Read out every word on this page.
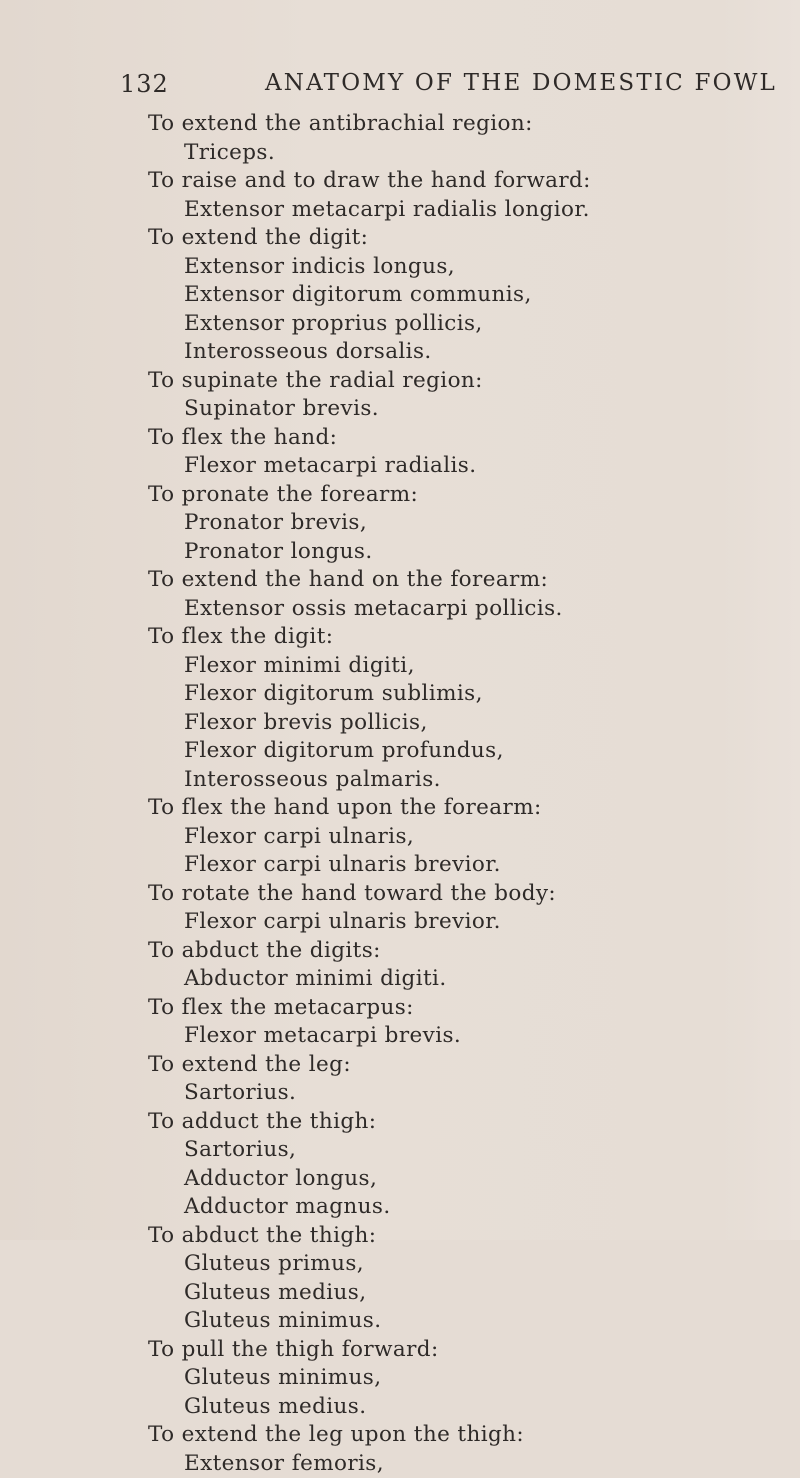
132	ANATOMY OF THE DOMESTIC FOWL
To extend the antibrachial region:
Triceps.
To raise and to draw the hand forward:
Extensor metacarpi radialis longior.
To extend the digit:
Extensor indicis longus,
Extensor digitorum communis,
Extensor proprius pollicis,
Interosseous dorsalis.
To supinate the radial region:
Supinator brevis.
To flex the hand:
Flexor metacarpi radialis.
To pronate the forearm:
Pronator brevis,
Pronator longus.
To extend the hand on the forearm:
Extensor ossis metacarpi pollicis.
To flex the digit:
Flexor minimi digiti,
Flexor digitorum sublimis,
Flexor brevis pollicis,
Flexor digitorum profundus,
Interosseous palmaris.
To flex the hand upon the forearm:
Flexor carpi ulnaris,
Flexor carpi ulnaris brevior.
To rotate the hand toward the body:
Flexor carpi ulnaris brevior.
To abduct the digits:
Abductor minimi digiti.
To flex the metacarpus:
Flexor metacarpi brevis.
To extend the leg:
Sartorius.
To adduct the thigh:
Sartorius,
Adductor longus,
Adductor magnus.
To abduct the thigh:
Gluteus primus,
Gluteus medius,
Gluteus minimus.
To pull the thigh forward:
Gluteus minimus,
Gluteus medius.
To extend the leg upon the thigh:
Extensor femoris,
